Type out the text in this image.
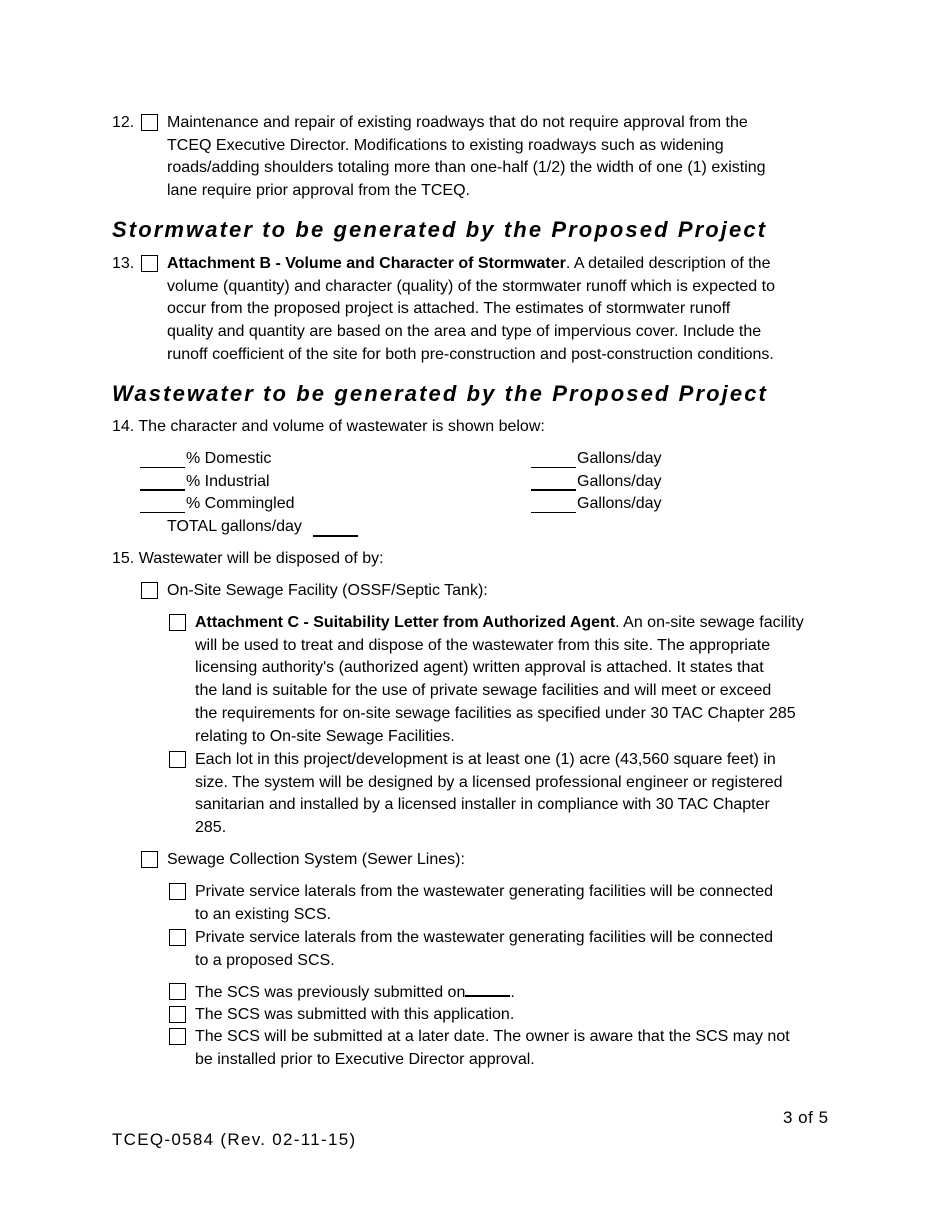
12. Maintenance and repair of existing roadways that do not require approval from the
TCEQ Executive Director. Modifications to existing roadways such as widening
roads/adding shoulders totaling more than one-half (1/2) the width of one (1) existing
lane require prior approval from the TCEQ.
Stormwater to be generated by the Proposed Project
13. Attachment B - Volume and Character of Stormwater. A detailed description of the
volume (quantity) and character (quality) of the stormwater runoff which is expected to
occur from the proposed project is attached. The estimates of stormwater runoff
quality and quantity are based on the area and type of impervious cover. Include the
runoff coefficient of the site for both pre-construction and post-construction conditions.
Wastewater to be generated by the Proposed Project
14. The character and volume of wastewater is shown below:
% Domestic	Gallons/day
% Industrial	Gallons/day
% Commingled	Gallons/day
TOTAL gallons/day
15. Wastewater will be disposed of by:
On-Site Sewage Facility (OSSF/Septic Tank):
Attachment C - Suitability Letter from Authorized Agent. An on-site sewage facility
will be used to treat and dispose of the wastewater from this site. The appropriate
licensing authority's (authorized agent) written approval is attached. It states that
the land is suitable for the use of private sewage facilities and will meet or exceed
the requirements for on-site sewage facilities as specified under 30 TAC Chapter 285
relating to On-site Sewage Facilities.
Each lot in this project/development is at least one (1) acre (43,560 square feet) in
size. The system will be designed by a licensed professional engineer or registered
sanitarian and installed by a licensed installer in compliance with 30 TAC Chapter
285.
Sewage Collection System (Sewer Lines):
Private service laterals from the wastewater generating facilities will be connected
to an existing SCS.
Private service laterals from the wastewater generating facilities will be connected
to a proposed SCS.
The SCS was previously submitted on	.
The SCS was submitted with this application.
The SCS will be submitted at a later date. The owner is aware that the SCS may not
be installed prior to Executive Director approval.
3 of 5
TCEQ-0584 (Rev. 02-11-15)
